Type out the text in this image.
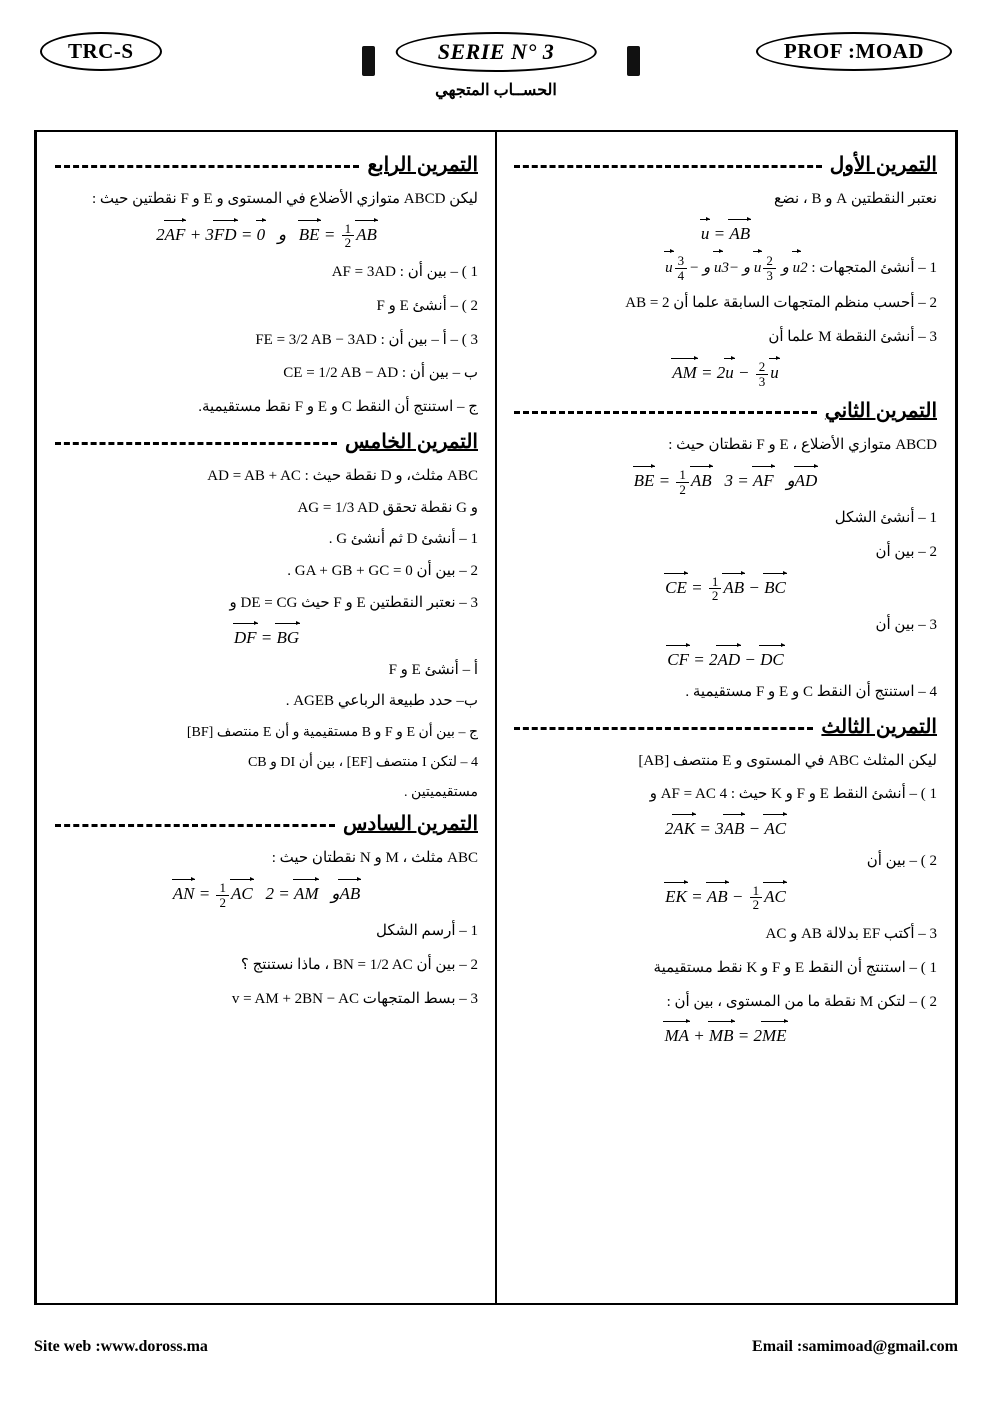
TRC-S	SERIE N° 3	PROF :MOAD
الحســاب المتجهي
التمرين الأول
نعتبر النقطتين A و B ، نضع
u = AB
1 – أنشئ المتجهات : 2u و
$\frac{2}{3}$
u و −3u و −
$\frac{3}{4}$
u
2 – أحسب منظم المتجهات السابقة علما أن AB = 2
3 – أنشئ النقطة M علما أن
AM = $2u - \frac{2}{3}$ u
التمرين الثاني
ABCD متوازي الأضلاع ، E و F نقطتان حيث :
BE = $\frac{1}{2}$ AB   و   AF = 3 AD
1 – أنشئ الشكل
2 – بين أن
CE = $\frac{1}{2}$ AB − BC
3 – بين أن
CF = 2AD − DC
4 – استنتج أن النقط C و E و F مستقيمية .
التمرين الثالث
ليكن المثلث ABC في المستوى و E منتصف [AB]
1 ) – أنشئ النقط E و F و K حيث : 4 AF = AC و
2AK = 3AB − AC
2 ) – بين أن
EK = AB − $\frac{1}{2}$ AC
3 – أكتب EF بدلالة AB و AC
1 ) – استنتج أن النقط E و F و K نقط مستقيمية
2 ) – لتكن M نقطة ما من المستوى ، بين أن :
MA + MB = 2ME
التمرين الرابع
ليكن ABCD متوازي الأضلاع في المستوى و E و F نقطتين حيث :
2AF + 3FD = 0   و   BE = $\frac{1}{2}$ AB
1 ) – بين أن : AF = 3AD
2 ) – أنشئ E و F
3 ) – أ – بين أن : FE = 3/2 AB − 3AD
ب – بين أن : CE = 1/2 AB − AD
ج – استنتج أن النقط C و E و F نقط مستقيمية.
التمرين الخامس
ABC مثلث، و D نقطة حيث : AD = AB + AC
و G نقطة تحقق AG = 1/3 AD
1 – أنشئ D ثم أنشئ G .
2 – بين أن GA + GB + GC = 0 .
3 – نعتبر النقطتين E و F حيث DE = CG و
DF = BG
أ – أنشئ E و F
ب– حدد طبيعة الرباعي AGEB .
ج – بين أن E و F و B مستقيمية و أن E منتصف [BF]
4 – لتكن I منتصف [EF] ، بين أن DI و CB
مستقيميتين .
التمرين السادس
ABC مثلث ، M و N نقطتان حيث :
AN = $\frac{1}{2}$ AC   و   AM = 2	AB
1 – أرسم الشكل
2 – بين أن BN = 1/2 AC ، ماذا نستنتج ؟
3 – بسط المتجهات v = AM + 2BN − AC
Site web :www.doross.ma	Email :samimoad@gmail.com
